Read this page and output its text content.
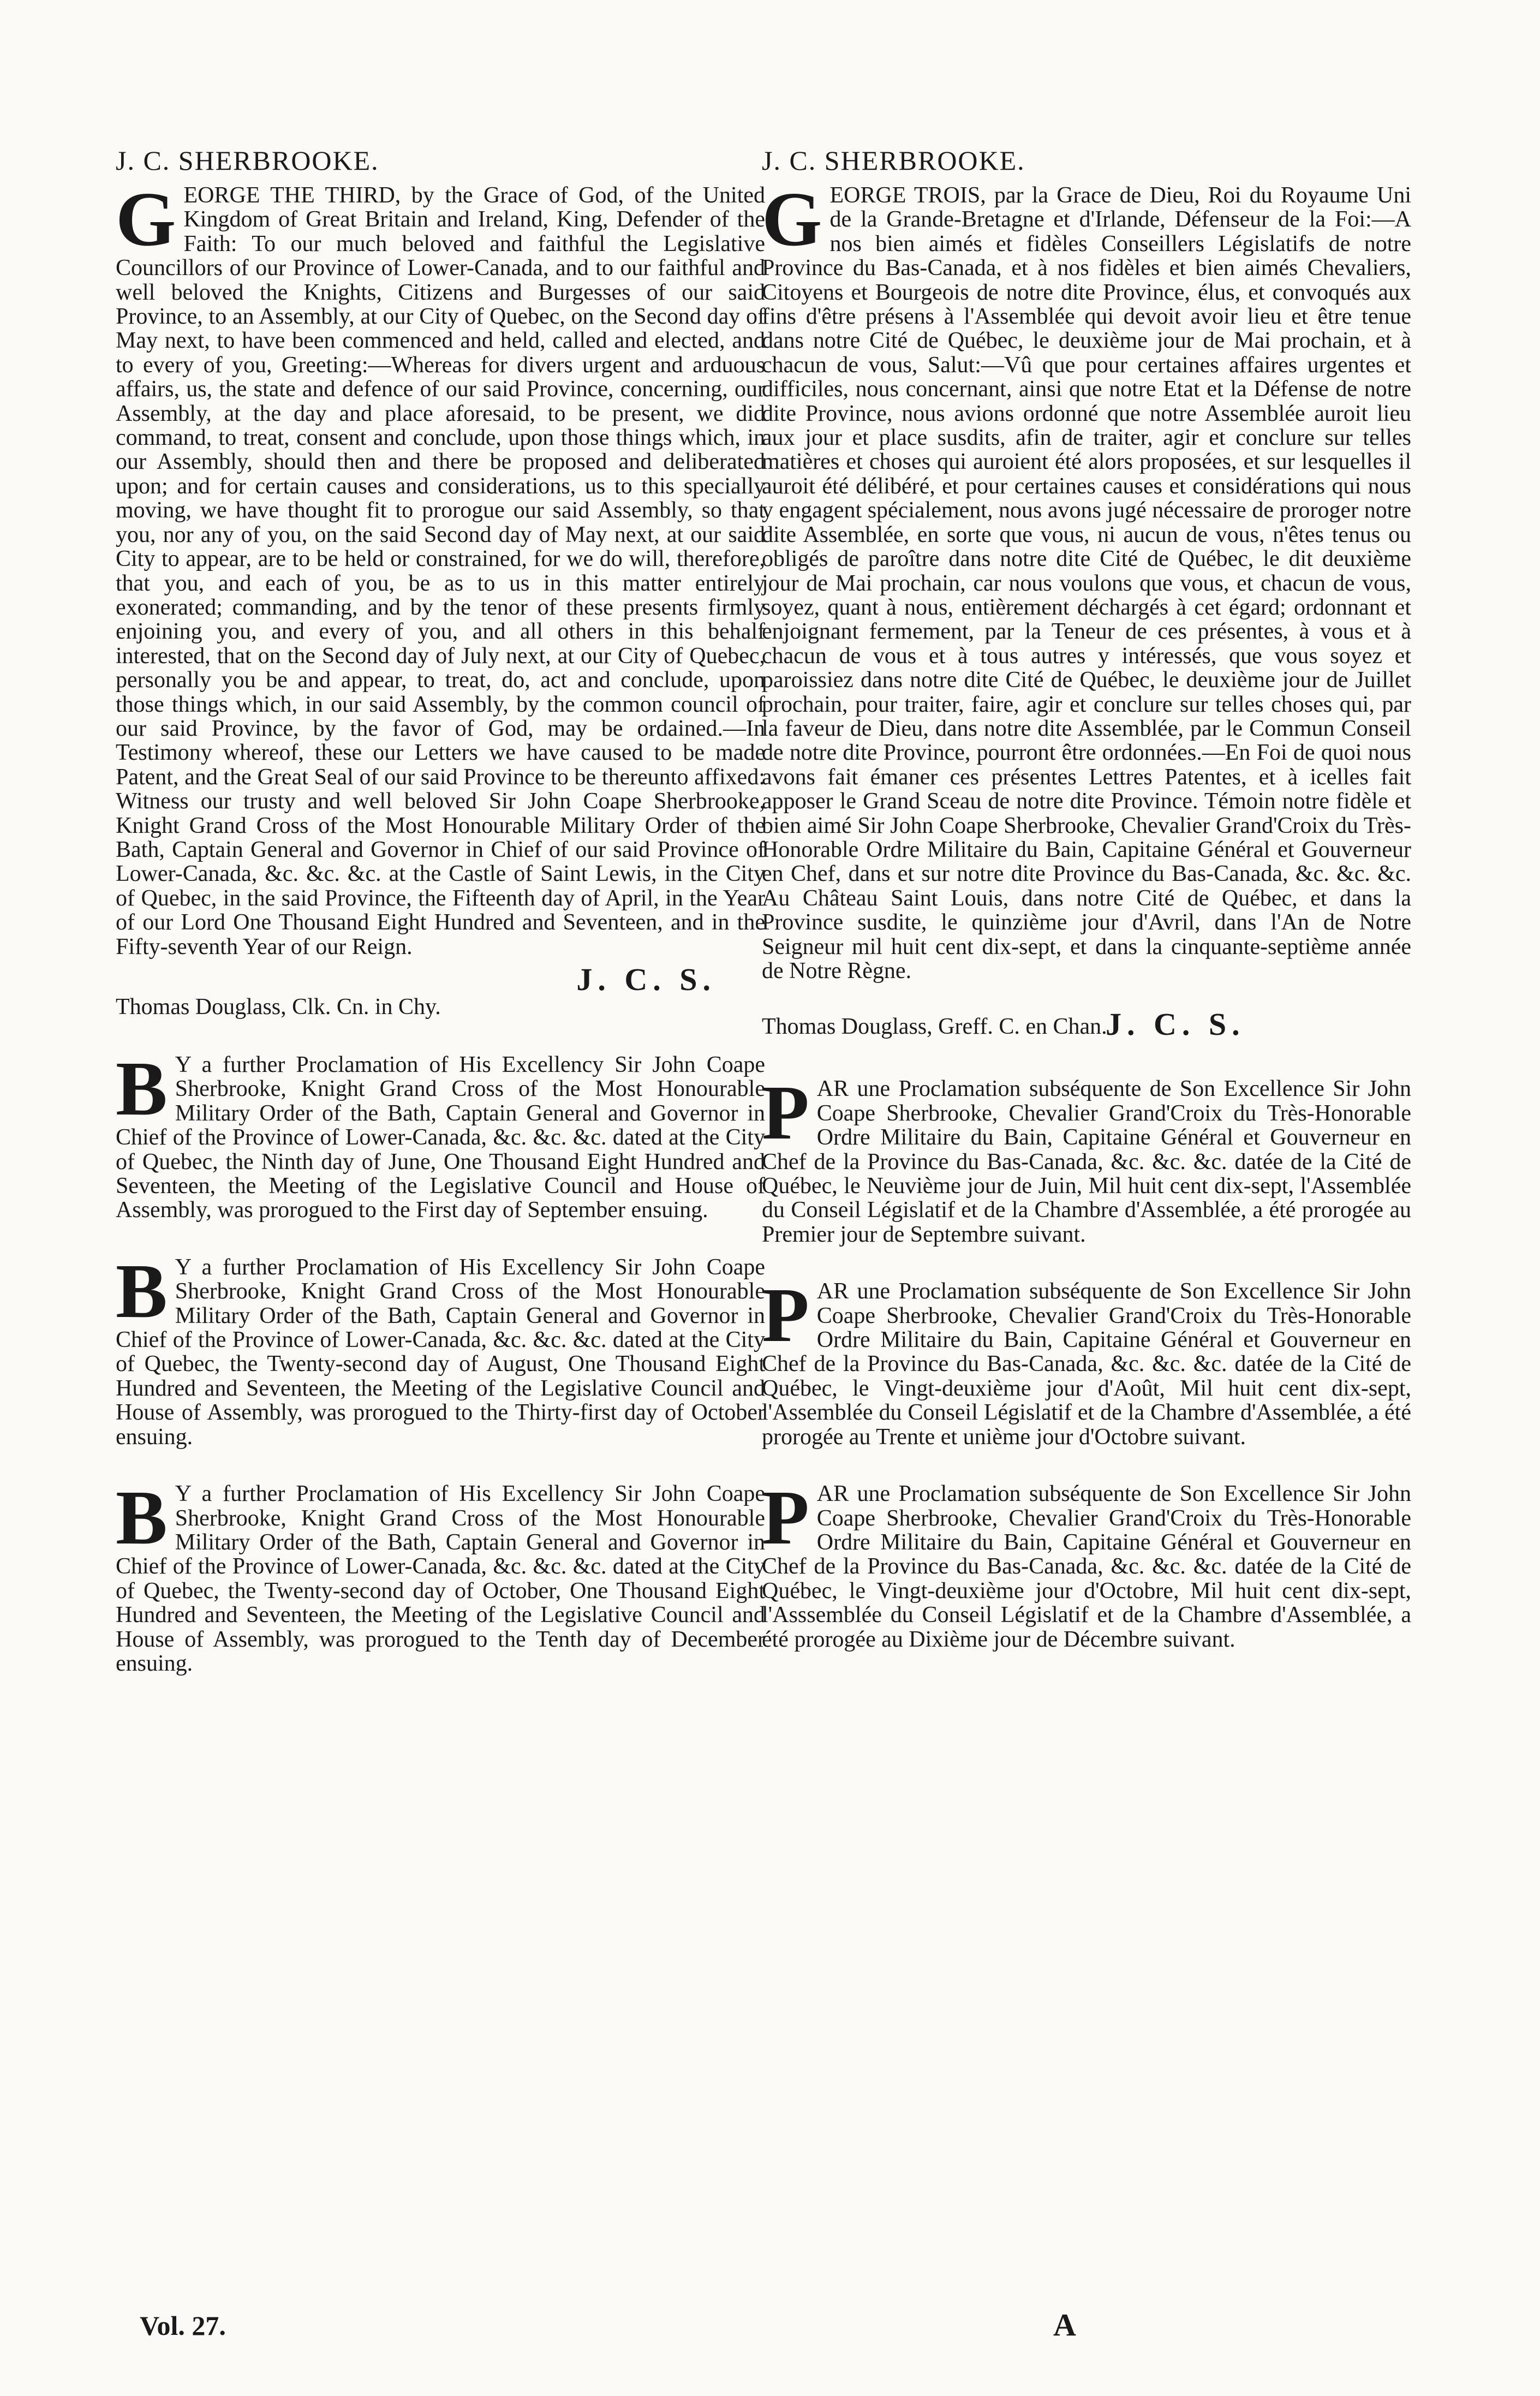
J. C. SHERBROOKE.

GEORGE THE THIRD, by the Grace of God, of the United Kingdom of Great Britain and Ireland, King, Defender of the Faith: To our much beloved and faithful the Legislative Councillors of our Province of Lower-Canada, and to our faithful and well beloved the Knights, Citizens and Burgesses of our said Province, to an Assembly, at our City of Quebec, on the Second day of May next, to have been commenced and held, called and elected, and to every of you, Greeting:—Whereas for divers urgent and arduous affairs, us, the state and defence of our said Province, concerning, our Assembly, at the day and place aforesaid, to be present, we did command, to treat, consent and conclude, upon those things which, in our Assembly, should then and there be proposed and deliberated upon; and for certain causes and considerations, us to this specially moving, we have thought fit to prorogue our said Assembly, so that you, nor any of you, on the said Second day of May next, at our said City to appear, are to be held or constrained, for we do will, therefore, that you, and each of you, be as to us in this matter entirely exonerated; commanding, and by the tenor of these presents firmly enjoining you, and every of you, and all others in this behalf interested, that on the Second day of July next, at our City of Quebec, personally you be and appear, to treat, do, act and conclude, upon those things which, in our said Assembly, by the common council of our said Province, by the favor of God, may be ordained.—In Testimony whereof, these our Letters we have caused to be made Patent, and the Great Seal of our said Province to be thereunto affixed: Witness our trusty and well beloved Sir John Coape Sherbrooke, Knight Grand Cross of the Most Honourable Military Order of the Bath, Captain General and Governor in Chief of our said Province of Lower-Canada, &c. &c. &c. at the Castle of Saint Lewis, in the City of Quebec, in the said Province, the Fifteenth day of April, in the Year of our Lord One Thousand Eight Hundred and Seventeen, and in the Fifty-seventh Year of our Reign.

J. C. S.
Thomas Douglass, Clk. Cn. in Chy.

B Y a further Proclamation of His Excellency Sir John Coape Sherbrooke, Knight Grand Cross of the Most Honourable Military Order of the Bath, Captain General and Governor in Chief of the Province of Lower-Canada, &c. &c. &c. dated at the City of Quebec, the Ninth day of June, One Thousand Eight Hundred and Seventeen, the Meeting of the Legislative Council and House of Assembly, was prorogued to the First day of September ensuing.

B Y a further Proclamation of His Excellency Sir John Coape Sherbrooke, Knight Grand Cross of the Most Honourable Military Order of the Bath, Captain General and Governor in Chief of the Province of Lower-Canada, &c. &c. &c. dated at the City of Quebec, the Twenty-second day of August, One Thousand Eight Hundred and Seventeen, the Meeting of the Legislative Council and House of Assembly, was prorogued to the Thirty-first day of October ensuing.

B Y a further Proclamation of His Excellency Sir John Coape Sherbrooke, Knight Grand Cross of the Most Honourable Military Order of the Bath, Captain General and Governor in Chief of the Province of Lower-Canada, &c. &c. &c. dated at the City of Quebec, the Twenty-second day of October, One Thousand Eight Hundred and Seventeen, the Meeting of the Legislative Council and House of Assembly, was prorogued to the Tenth day of December ensuing.

J. C. SHERBROOKE.

GEORGE TROIS, par la Grace de Dieu, Roi du Royaume Uni de la Grande-Bretagne et d'Irlande, Défenseur de la Foi:—A nos bien aimés et fidèles Conseillers Législatifs de notre Province du Bas-Canada, et à nos fidèles et bien aimés Chevaliers, Citoyens et Bourgeois de notre dite Province, élus, et convoqués aux fins d'être présens à l'Assemblée qui devoit avoir lieu et être tenue dans notre Cité de Québec, le deuxième jour de Mai prochain, et à chacun de vous, Salut:—Vû que pour certaines affaires urgentes et difficiles, nous concernant, ainsi que notre Etat et la Défense de notre dite Province, nous avions ordonné que notre Assemblée auroit lieu aux jour et place susdits, afin de traiter, agir et conclure sur telles matières et choses qui auroient été alors proposées, et sur lesquelles il auroit été délibéré, et pour certaines causes et considérations qui nous y engagent spécialement, nous avons jugé nécessaire de proroger notre dite Assemblée, en sorte que vous, ni aucun de vous, n'êtes tenus ou obligés de paroître dans notre dite Cité de Québec, le dit deuxième jour de Mai prochain, car nous voulons que vous, et chacun de vous, soyez, quant à nous, entièrement déchargés à cet égard; ordonnant et enjoignant fermement, par la Teneur de ces présentes, à vous et à chacun de vous et à tous autres y intéressés, que vous soyez et paroissiez dans notre dite Cité de Québec, le deuxième jour de Juillet prochain, pour traiter, faire, agir et conclure sur telles choses qui, par la faveur de Dieu, dans notre dite Assemblée, par le Commun Conseil de notre dite Province, pourront être ordonnées.—En Foi de quoi nous avons fait émaner ces présentes Lettres Patentes, et à icelles fait apposer le Grand Sceau de notre dite Province. Témoin notre fidèle et bien aimé Sir John Coape Sherbrooke, Chevalier Grand'Croix du Très-Honorable Ordre Militaire du Bain, Capitaine Général et Gouverneur en Chef, dans et sur notre dite Province du Bas-Canada, &c. &c. &c. Au Château Saint Louis, dans notre Cité de Québec, et dans la Province susdite, le quinzième jour d'Avril, dans l'An de Notre Seigneur mil huit cent dix-sept, et dans la cinquante-septième année de Notre Règne.

Thomas Douglass, Greff. C. en Chan.
J. C. S.

PAR une Proclamation subséquente de Son Excellence Sir John Coape Sherbrooke, Chevalier Grand'Croix du Très-Honorable Ordre Militaire du Bain, Capitaine Général et Gouverneur en Chef de la Province du Bas-Canada, &c. &c. &c. datée de la Cité de Québec, le Neuvième jour de Juin, Mil huit cent dix-sept, l'Assemblée du Conseil Législatif et de la Chambre d'Assemblée, a été prorogée au Premier jour de Septembre suivant.

PAR une Proclamation subséquente de Son Excellence Sir John Coape Sherbrooke, Chevalier Grand'Croix du Très-Honorable Ordre Militaire du Bain, Capitaine Général et Gouverneur en Chef de la Province du Bas-Canada, &c. &c. &c. datée de la Cité de Québec, le Vingt-deuxième jour d'Août, Mil huit cent dix-sept, l'Assemblée du Conseil Législatif et de la Chambre d'Assemblée, a été prorogée au Trente et unième jour d'Octobre suivant.

PAR une Proclamation subséquente de Son Excellence Sir John Coape Sherbrooke, Chevalier Grand'Croix du Très-Honorable Ordre Militaire du Bain, Capitaine Général et Gouverneur en Chef de la Province du Bas-Canada, &c. &c. &c. datée de la Cité de Québec, le Vingt-deuxième jour d'Octobre, Mil huit cent dix-sept, l'Asssemblée du Conseil Législatif et de la Chambre d'Assemblée, a été prorogée au Dixième jour de Décembre suivant.

Vol. 27.	A
